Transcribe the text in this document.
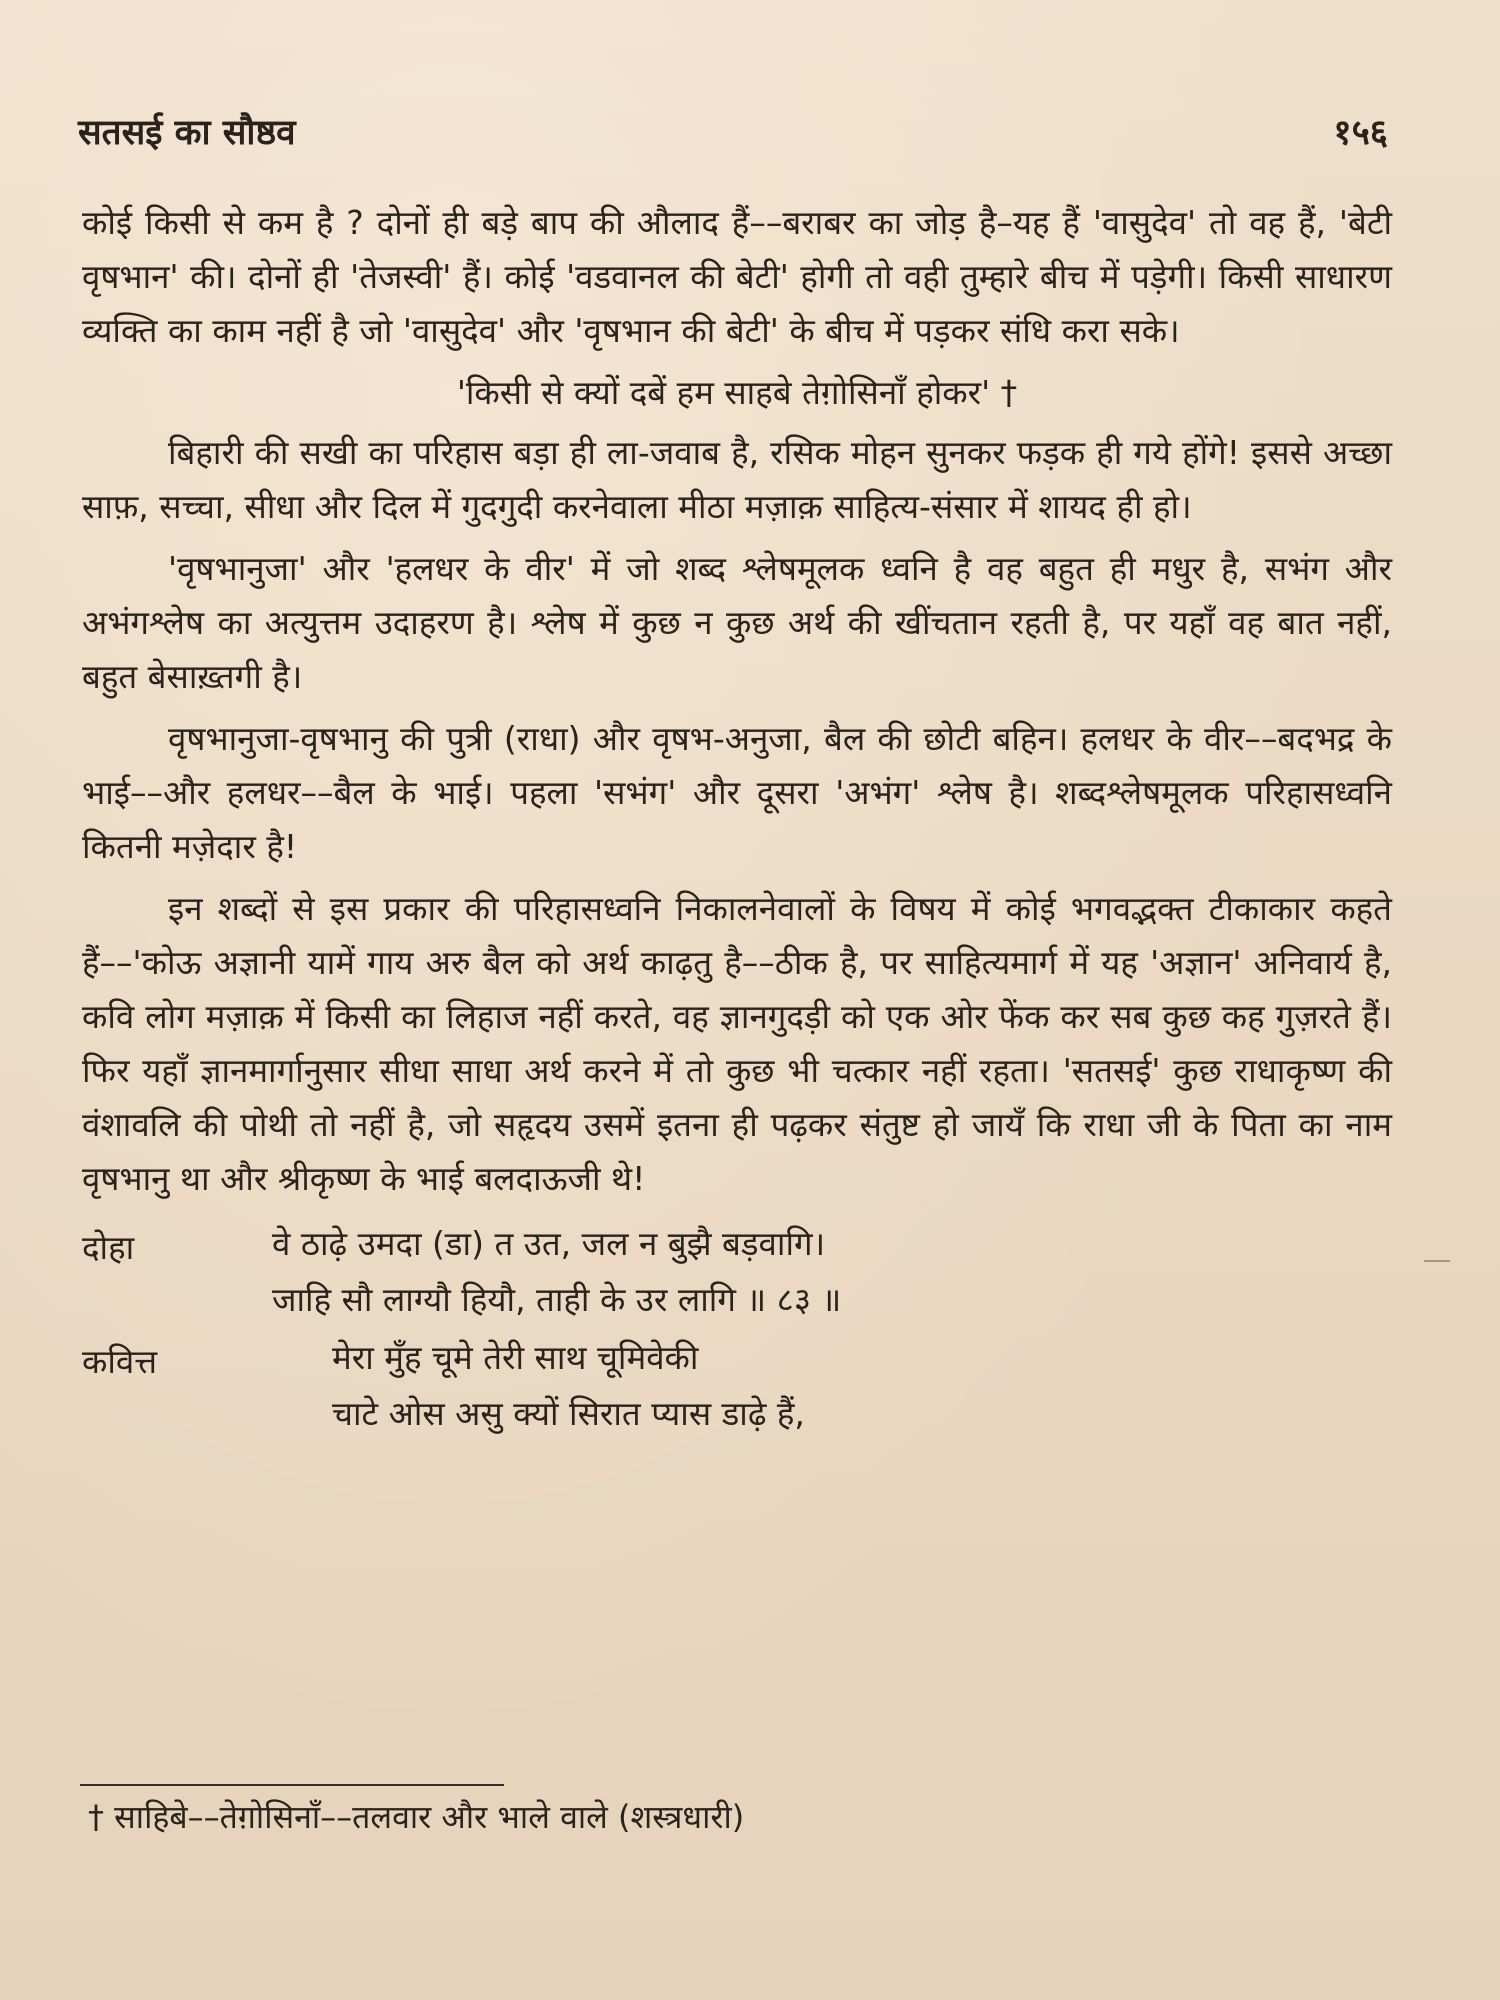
सतसई का सौष्ठव	१५६

कोई किसी से कम है ? दोनों ही बड़े बाप की औलाद हैं––बराबर का जोड़ है–यह हैं 'वासुदेव' तो वह हैं, 'बेटी वृषभान' की। दोनों ही 'तेजस्वी' हैं। कोई 'वडवानल की बेटी' होगी तो वही तुम्हारे बीच में पड़ेगी। किसी साधारण व्यक्ति का काम नहीं है जो 'वासुदेव' और 'वृषभान की बेटी' के बीच में पड़कर संधि करा सके।

'किसी से क्यों दबें हम साहबे तेग़ोसिनाँ होकर' †

बिहारी की सखी का परिहास बड़ा ही ला-जवाब है, रसिक मोहन सुनकर फड़क ही गये होंगे! इससे अच्छा साफ़, सच्चा, सीधा और दिल में गुदगुदी करनेवाला मीठा मज़ाक़ साहित्य-संसार में शायद ही हो।

'वृषभानुजा' और 'हलधर के वीर' में जो शब्द श्लेषमूलक ध्वनि है वह बहुत ही मधुर है, सभंग और अभंगश्लेष का अत्युत्तम उदाहरण है। श्लेष में कुछ न कुछ अर्थ की खींचतान रहती है, पर यहाँ वह बात नहीं, बहुत बेसाख़्तगी है।

वृषभानुजा-वृषभानु की पुत्री (राधा) और वृषभ-अनुजा, बैल की छोटी बहिन। हलधर के वीर––बदभद्र के भाई––और हलधर––बैल के भाई। पहला 'सभंग' और दूसरा 'अभंग' श्लेष है। शब्दश्लेषमूलक परिहासध्वनि कितनी मज़ेदार है!

इन शब्दों से इस प्रकार की परिहासध्वनि निकालनेवालों के विषय में कोई भगवद्भक्त टीकाकार कहते हैं––'कोऊ अज्ञानी यामें गाय अरु बैल को अर्थ काढ़तु है––ठीक है, पर साहित्यमार्ग में यह 'अज्ञान' अनिवार्य है, कवि लोग मज़ाक़ में किसी का लिहाज नहीं करते, वह ज्ञानगुदड़ी को एक ओर फेंक कर सब कुछ कह गुज़रते हैं। फिर यहाँ ज्ञानमार्गानुसार सीधा साधा अर्थ करने में तो कुछ भी चत्कार नहीं रहता। 'सतसई' कुछ राधाकृष्ण की वंशावलि की पोथी तो नहीं है, जो सहृदय उसमें इतना ही पढ़कर संतुष्ट हो जायँ कि राधा जी के पिता का नाम वृषभानु था और श्रीकृष्ण के भाई बलदाऊजी थे!

दोहा	वे ठाढ़े उमदा (डा) त उत, जल न बुझै बड़वागि।
जाहि सौ लाग्यौ हियौ, ताही के उर लागि ॥ ८३ ॥
कवित्त	मेरा मुँह चूमे तेरी साथ चूमिवेकी
चाटे ओस असु क्यों सिरात प्यास डाढ़े हैं,
† साहिबे––तेग़ोसिनाँ––तलवार और भाले वाले (शस्त्रधारी)
